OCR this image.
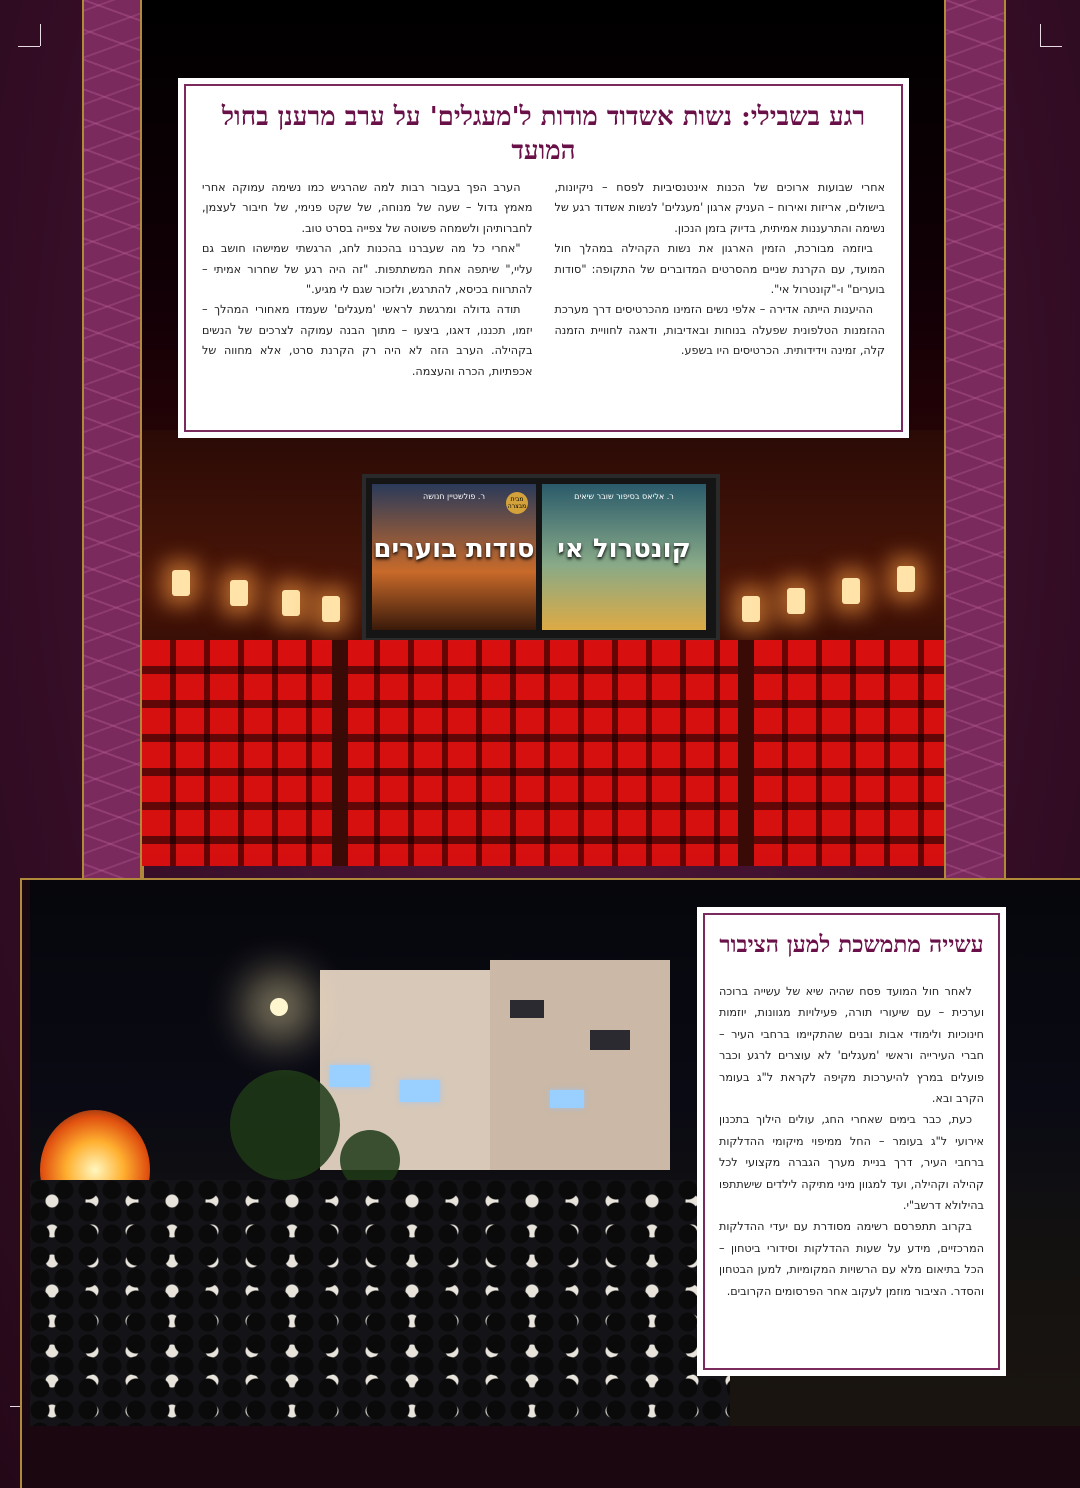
ר. פולשטיין חנושה	מבית מבצרה
סודות בוערים
ר. אליאס בסיפור שובר שיאים
קונטרול אי
רגע בשבילי: נשות אשדוד מודות ל'מעגלים' על ערב מרענן בחול המועד

אחרי שבועות ארוכים של הכנות אינטנסיביות לפסח – ניקיונות, בישולים, אריזות ואירוח – העניק ארגון 'מעגלים' לנשות אשדוד רגע של נשימה והתרעננות אמיתית, בדיוק בזמן הנכון.

ביוזמה מבורכת, הזמין הארגון את נשות הקהילה במהלך חול המועד, עם הקרנת שניים מהסרטים המדוברים של התקופה: "סודות בוערים" ו-"קונטרול אי".

ההיענות הייתה אדירה – אלפי נשים הזמינו מהכרטיסים דרך מערכת ההזמנות הטלפונית שפעלה בנוחות ובאדיבות, ודאגה לחוויית הזמנה קלה, זמינה וידידותית. הכרטיסים היו בשפע.

הערב הפך בעבור רבות למה שהרגיש כמו נשימה עמוקה אחרי מאמץ גדול – שעה של מנוחה, של שקט פנימי, של חיבור לעצמן, לחברותיהן ולשמחה פשוטה של צפייה בסרט טוב.

"אחרי כל מה שעברנו בהכנות לחג, הרגשתי שמישהו חושב גם עליי," שיתפה אחת המשתתפות. "זה היה רגע של שחרור אמיתי – להתרווח בכיסא, להתרגש, ולזכור שגם לי מגיע."

תודה גדולה ומרגשת לראשי 'מעגלים' שעמדו מאחורי המהלך – יזמו, תכננו, דאגו, ביצעו – מתוך הבנה עמוקה לצרכים של הנשים בקהילה. הערב הזה לא היה רק הקרנת סרט, אלא מחווה של אכפתיות, הכרה והעצמה.

עשייה מתמשכת למען הציבור

לאחר חול המועד פסח שהיה שיא של עשייה ברוכה וערכית – עם שיעורי תורה, פעילויות מגוונות, יוזמות חינוכיות ולימודי אבות ובנים שהתקיימו ברחבי העיר – חברי העירייה וראשי 'מעגלים' לא עוצרים לרגע וכבר פועלים במרץ להיערכות מקיפה לקראת ל"ג בעומר הקרב ובא.

כעת, כבר בימים שאחרי החג, עולים הילוך בתכנון אירועי ל"ג בעומר – החל ממיפוי מיקומי ההדלקות ברחבי העיר, דרך בניית מערך הגברה מקצועי לכל קהילה וקהילה, ועד למגוון מיני מתיקה לילדים שישתתפו בהילולא דרשב"י.

בקרוב תתפרסם רשימה מסודרת עם יעדי ההדלקות המרכזיים, מידע על שעות ההדלקות וסידורי ביטחון – הכל בתיאום מלא עם הרשויות המקומיות, למען הבטחון והסדר. הציבור מוזמן לעקוב אחר הפרסומים הקרובים.
